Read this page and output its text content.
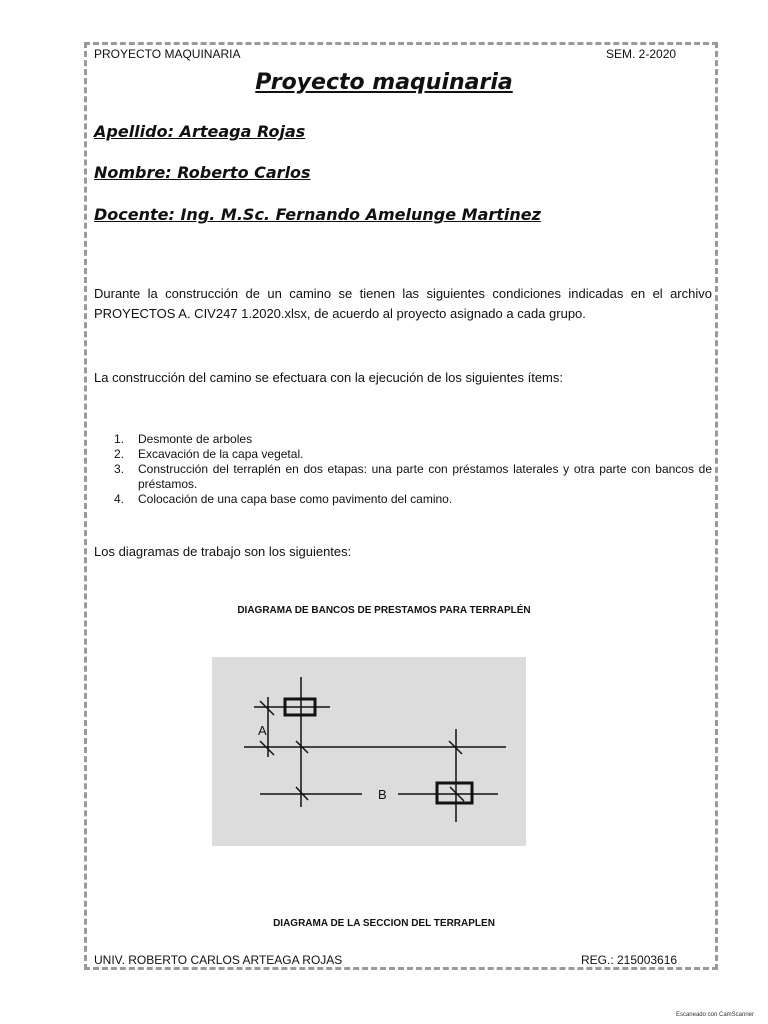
PROYECTO MAQUINARIA	SEM. 2-2020
Proyecto maquinaria
Apellido: Arteaga Rojas
Nombre: Roberto Carlos
Docente: Ing. M.Sc. Fernando Amelunge Martinez
Durante la construcción de un camino se tienen las siguientes condiciones indicadas en el archivo PROYECTOS A. CIV247 1.2020.xlsx, de acuerdo al proyecto asignado a cada grupo.
La construcción del camino se efectuara con la ejecución de los siguientes ítems:
1. Desmonte de arboles
2. Excavación de la capa vegetal.
3. Construcción del terraplén en dos etapas: una parte con préstamos laterales y otra parte con bancos de préstamos.
4. Colocación de una capa base como pavimento del camino.
Los diagramas de trabajo son los siguientes:
DIAGRAMA DE BANCOS DE PRESTAMOS PARA TERRAPLÉN
A
B
DIAGRAMA DE LA SECCION DEL TERRAPLEN
UNIV. ROBERTO CARLOS ARTEAGA ROJAS	REG.: 215003616
Escaneado con CamScanner
